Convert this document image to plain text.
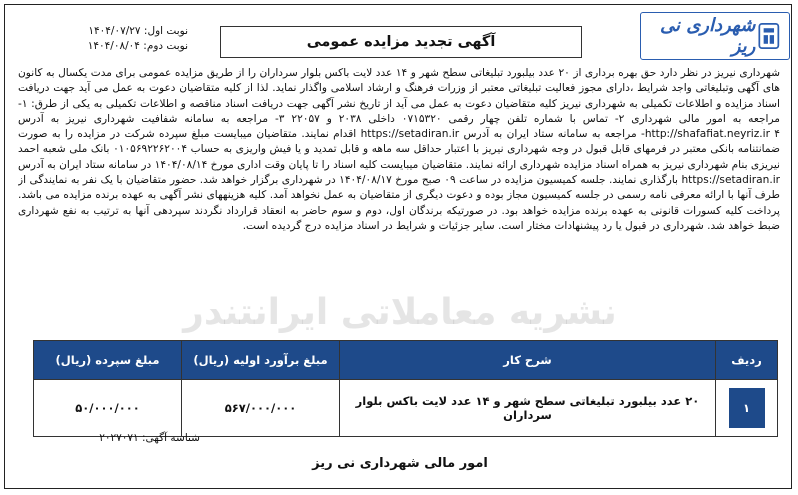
نوبت اول: ۱۴۰۴/۰۷/۲۷
نوبت دوم: ۱۴۰۴/۰۸/۰۴	آگهی تجدید مزایده عمومی
شهرداری نی ریز
شهرداری نیریز در نظر دارد حق بهره برداری از ۲۰ عدد بیلبورد تبلیغاتی سطح شهر و ۱۴ عدد لایت باکس بلوار سرداران را از طریق مزایده عمومی برای مدت یکسال به کانون های آگهی وتبلیغاتی واجد شرایط ،دارای مجوز فعالیت تبلیغاتی معتبر از وزرات فرهنگ و ارشاد اسلامی واگذار نماید. لذا از کلیه متقاضیان دعوت به عمل می آید جهت دریافت اسناد مزایده و اطلاعات تکمیلی به شهرداری نیریز کلیه متقاضیان دعوت به عمل می آید از تاریخ نشر آگهی جهت دریافت اسناد مناقصه و اطلاعات تکمیلی به یکی از طرق: ۱- مراجعه به امور مالی شهرداری ۲- تماس با شماره تلفن چهار رقمی ۰۷۱۵۳۲۰ داخلی ۲۰۳۸ و ۲۲۰۵۷ ۳- مراجعه به سامانه شفافیت شهرداری نیریز به آدرس http://shafafiat.neyriz.ir ۴- مراجعه به سامانه ستاد ایران به آدرس https://setadiran.ir اقدام نمایند. متقاضیان میبایست مبلغ سپرده شرکت در مزایده را به صورت ضمانتنامه بانکی معتبر در فرمهای قابل قبول در وجه شهرداری نیریز با اعتبار حداقل سه ماهه و قابل تمدید و یا فیش واریزی به حساب ۰۱۰۵۶۹۲۲۶۲۰۰۴ بانک ملی شعبه احمد نیریزی بنام شهرداری نیریز به همراه اسناد مزایده شهرداری ارائه نمایند. متقاضیان میبایست کلیه اسناد را تا پایان وقت اداری مورخ ۱۴۰۴/۰۸/۱۴ در سامانه ستاد ایران به آدرس https://setadiran.ir بارگذاری نمایند. جلسه کمیسیون مزایده در ساعت ۰۹ صبح مورخ ۱۴۰۴/۰۸/۱۷ در شهرداری برگزار خواهد شد. حضور متقاضیان با یک نفر به نمایندگی از طرف آنها با ارائه معرفی نامه رسمی در جلسه کمیسیون مجاز بوده و دعوت دیگری از متقاضیان به عمل نخواهد آمد. کلیه هزینههای نشر آگهی به عهده برنده مزایده می باشد. پرداخت کلیه کسورات قانونی به عهده برنده مزایده خواهد بود. در صورتیکه برندگان اول، دوم و سوم حاضر به انعقاد قرارداد نگردند سپردهی آنها به ترتیب به نفع شهرداری ضبط خواهد شد. شهرداری در قبول یا رد پیشنهادات مختار است. سایر جزئیات و شرایط در اسناد مزایده درج گردیده است.
نشریه معاملاتی ایرانتندر
ردیف	شرح کار	مبلغ برآورد اولیه (ریال)	مبلغ سپرده (ریال)
۱	۲۰ عدد بیلبورد تبلیغاتی سطح شهر و ۱۴ عدد لایت باکس بلوار سرداران	۵۶۷/۰۰۰/۰۰۰	۵۰/۰۰۰/۰۰۰
شناسه آگهی: ۲۰۲۷۰۷۱
امور مالی شهرداری نی ریز
